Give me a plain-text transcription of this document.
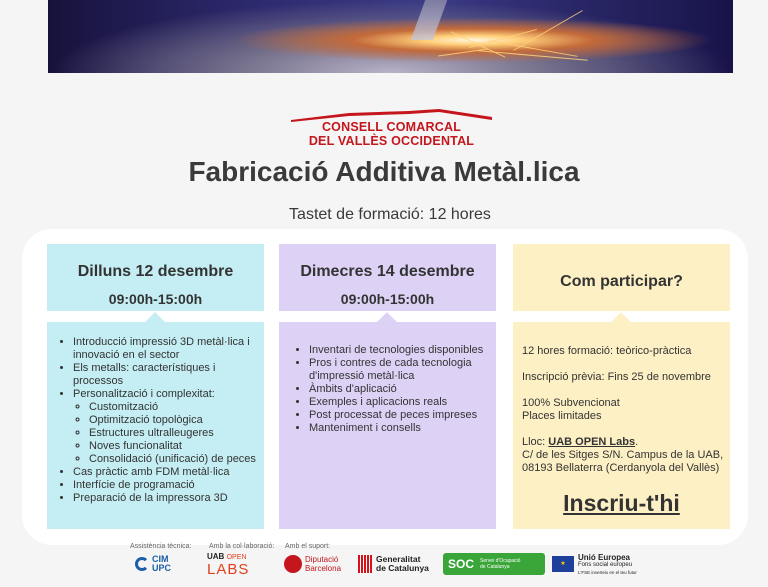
CONSELL COMARCAL
DEL VALLÈS OCCIDENTAL
Fabricació Additiva Metàl.lica
Tastet de formació: 12 hores
Dilluns 12 desembre
09:00h-15:00h
• Introducció impressió 3D metàl·lica i innovació en el sector
• Els metalls: característiques i processos
• Personalització i complexitat:
◦ Customització
◦ Optimització topològica
◦ Estructures ultralleugeres
◦ Noves funcionalitat
◦ Consolidació (unificació) de peces
• Cas pràctic amb FDM metàl·lica
• Interfície de programació
• Preparació de la impressora 3D
Dimecres 14 desembre
09:00h-15:00h
• Inventari de tecnologies disponibles
• Pros i contres de cada tecnologia d'impressió metàl·lica
• Àmbits d'aplicació
• Exemples i aplicacions reals
• Post processat de peces impreses
• Manteniment i consells
Com participar?

12 hores formació: teòrico-pràctica

Inscripció prèvia: Fins 25 de novembre

100% Subvencionat

Places limitades

Lloc: UAB OPEN Labs.

C/ de les Sitges S/N. Campus de la UAB,

08193 Bellaterra (Cerdanyola del Vallès)

Inscriu-t'hi
Assistència tècnica:	Amb la col·laboració: Amb el suport:
CIM
UPC
UAB OPEN
LABS
Diputació
Barcelona
Generalitat
de Catalunya SOC Servei d'Ocupació
de Catalunya	★
Unió Europea
Fons social europeu
L'FSE inverteix en el teu futur
